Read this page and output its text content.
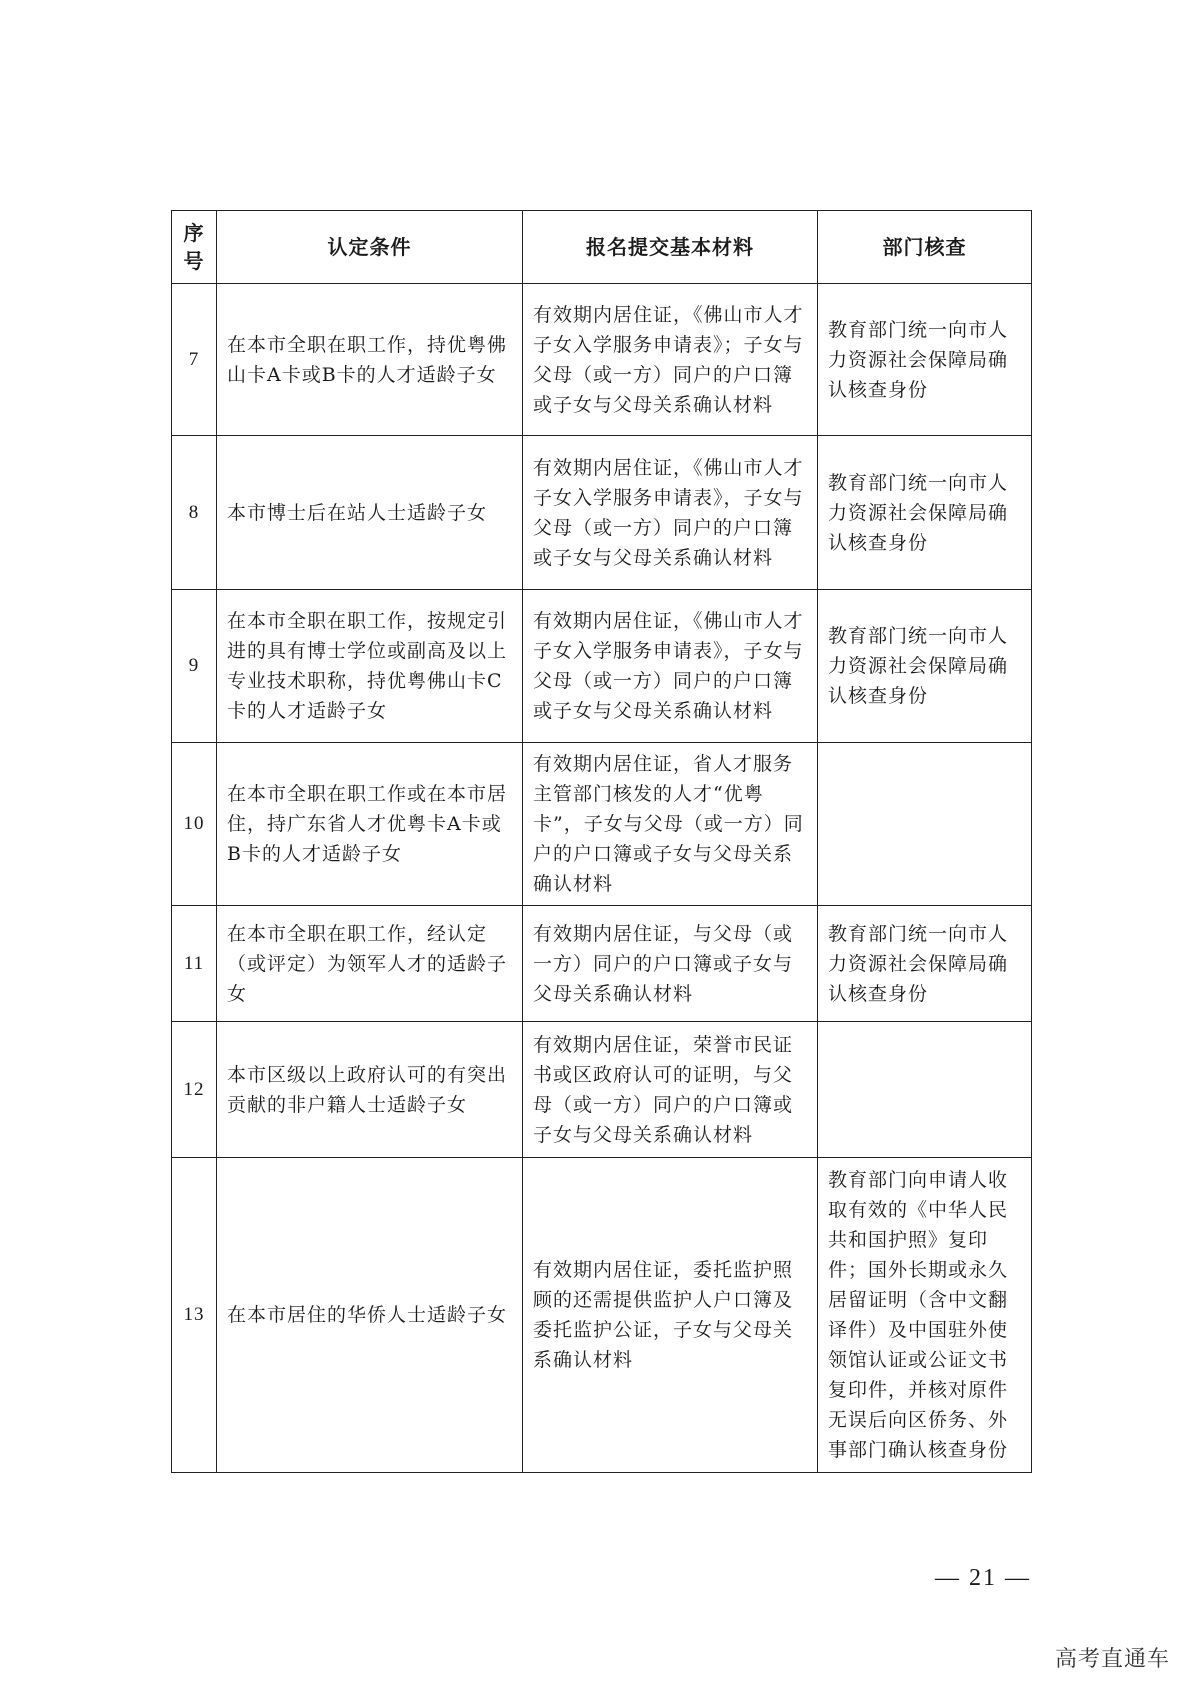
序号	认定条件	报名提交基本材料	部门核查
7	在本市全职在职工作，持优粤佛山卡A卡或B卡的人才适龄子女	有效期内居住证，《佛山市人才子女入学服务申请表》；子女与父母（或一方）同户的户口簿或子女与父母关系确认材料	教育部门统一向市人力资源社会保障局确认核查身份
8	本市博士后在站人士适龄子女	有效期内居住证，《佛山市人才子女入学服务申请表》，子女与父母（或一方）同户的户口簿或子女与父母关系确认材料	教育部门统一向市人力资源社会保障局确认核查身份
9	在本市全职在职工作，按规定引进的具有博士学位或副高及以上专业技术职称，持优粤佛山卡C卡的人才适龄子女	有效期内居住证，《佛山市人才子女入学服务申请表》，子女与父母（或一方）同户的户口簿或子女与父母关系确认材料	教育部门统一向市人力资源社会保障局确认核查身份
10	在本市全职在职工作或在本市居住，持广东省人才优粤卡A卡或B卡的人才适龄子女	有效期内居住证，省人才服务主管部门核发的人才“优粤卡”，子女与父母（或一方）同户的户口簿或子女与父母关系确认材料	
11	在本市全职在职工作，经认定（或评定）为领军人才的适龄子女	有效期内居住证，与父母（或一方）同户的户口簿或子女与父母关系确认材料	教育部门统一向市人力资源社会保障局确认核查身份
12	本市区级以上政府认可的有突出贡献的非户籍人士适龄子女	有效期内居住证，荣誉市民证书或区政府认可的证明，与父母（或一方）同户的户口簿或子女与父母关系确认材料	
13	在本市居住的华侨人士适龄子女	有效期内居住证，委托监护照顾的还需提供监护人户口簿及委托监护公证，子女与父母关系确认材料	教育部门向申请人收取有效的《中华人民共和国护照》复印件；国外长期或永久居留证明（含中文翻译件）及中国驻外使领馆认证或公证文书复印件，并核对原件无误后向区侨务、外事部门确认核查身份
— 21 —
高考直通车
